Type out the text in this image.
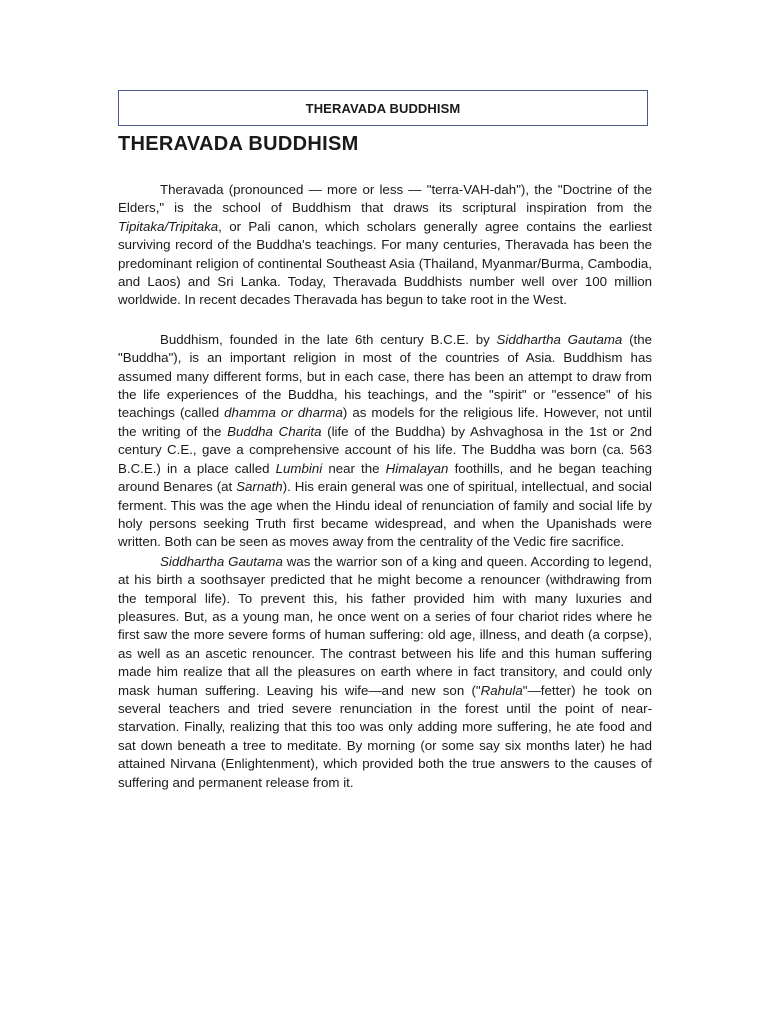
THERAVADA BUDDHISM
THERAVADA BUDDHISM

Theravada (pronounced — more or less — "terra-VAH-dah"), the "Doctrine of the Elders," is the school of Buddhism that draws its scriptural inspiration from the Tipitaka/Tripitaka, or Pali canon, which scholars generally agree contains the earliest surviving record of the Buddha's teachings. For many centuries, Theravada has been the predominant religion of continental Southeast Asia (Thailand, Myanmar/Burma, Cambodia, and Laos) and Sri Lanka. Today, Theravada Buddhists number well over 100 million worldwide. In recent decades Theravada has begun to take root in the West.

Buddhism, founded in the late 6th century B.C.E. by Siddhartha Gautama (the "Buddha"), is an important religion in most of the countries of Asia. Buddhism has assumed many different forms, but in each case, there has been an attempt to draw from the life experiences of the Buddha, his teachings, and the "spirit" or "essence" of his teachings (called dhamma or dharma) as models for the religious life. However, not until the writing of the Buddha Charita (life of the Buddha) by Ashvaghosa in the 1st or 2nd century C.E., gave a comprehensive account of his life. The Buddha was born (ca. 563 B.C.E.) in a place called Lumbini near the Himalayan foothills, and he began teaching around Benares (at Sarnath). His erain general was one of spiritual, intellectual, and social ferment. This was the age when the Hindu ideal of renunciation of family and social life by holy persons seeking Truth first became widespread, and when the Upanishads were written. Both can be seen as moves away from the centrality of the Vedic fire sacrifice.

Siddhartha Gautama was the warrior son of a king and queen. According to legend, at his birth a soothsayer predicted that he might become a renouncer (withdrawing from the temporal life). To prevent this, his father provided him with many luxuries and pleasures. But, as a young man, he once went on a series of four chariot rides where he first saw the more severe forms of human suffering: old age, illness, and death (a corpse), as well as an ascetic renouncer. The contrast between his life and this human suffering made him realize that all the pleasures on earth where in fact transitory, and could only mask human suffering. Leaving his wife—and new son ("Rahula"—fetter) he took on several teachers and tried severe renunciation in the forest until the point of near-starvation. Finally, realizing that this too was only adding more suffering, he ate food and sat down beneath a tree to meditate. By morning (or some say six months later) he had attained Nirvana (Enlightenment), which provided both the true answers to the causes of suffering and permanent release from it.
